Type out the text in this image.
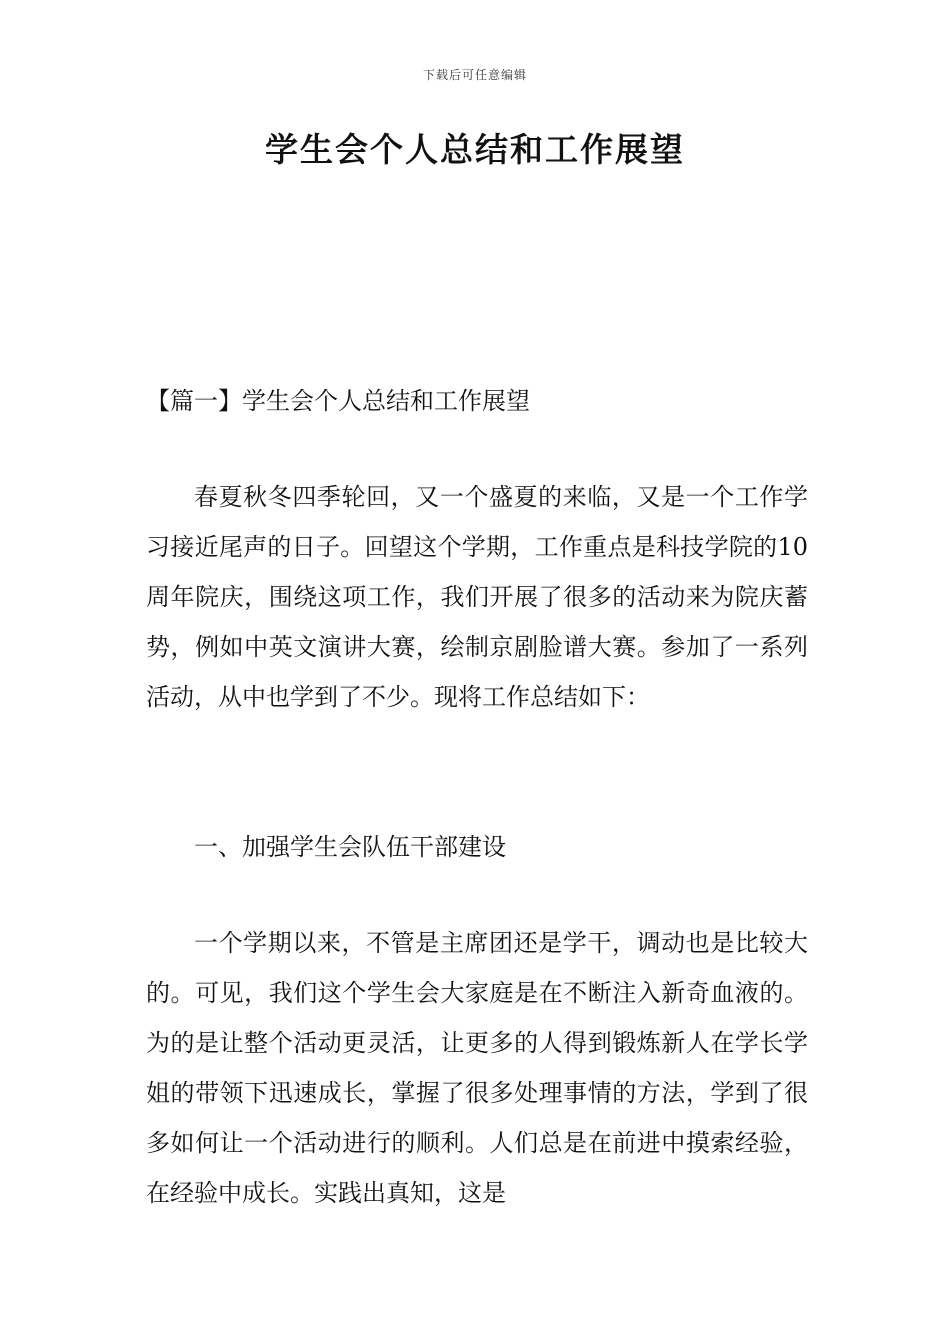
下载后可任意编辑
学生会个人总结和工作展望
【篇一】学生会个人总结和工作展望
春夏秋冬四季轮回，又一个盛夏的来临，又是一个工作学习接近尾声的日子。回望这个学期，工作重点是科技学院的10周年院庆，围绕这项工作，我们开展了很多的活动来为院庆蓄势，例如中英文演讲大赛，绘制京剧脸谱大赛。参加了一系列活动，从中也学到了不少。现将工作总结如下：
一、加强学生会队伍干部建设
一个学期以来，不管是主席团还是学干，调动也是比较大的。可见，我们这个学生会大家庭是在不断注入新奇血液的。为的是让整个活动更灵活，让更多的人得到锻炼新人在学长学姐的带领下迅速成长，掌握了很多处理事情的方法，学到了很多如何让一个活动进行的顺利。人们总是在前进中摸索经验，在经验中成长。实践出真知，这是
